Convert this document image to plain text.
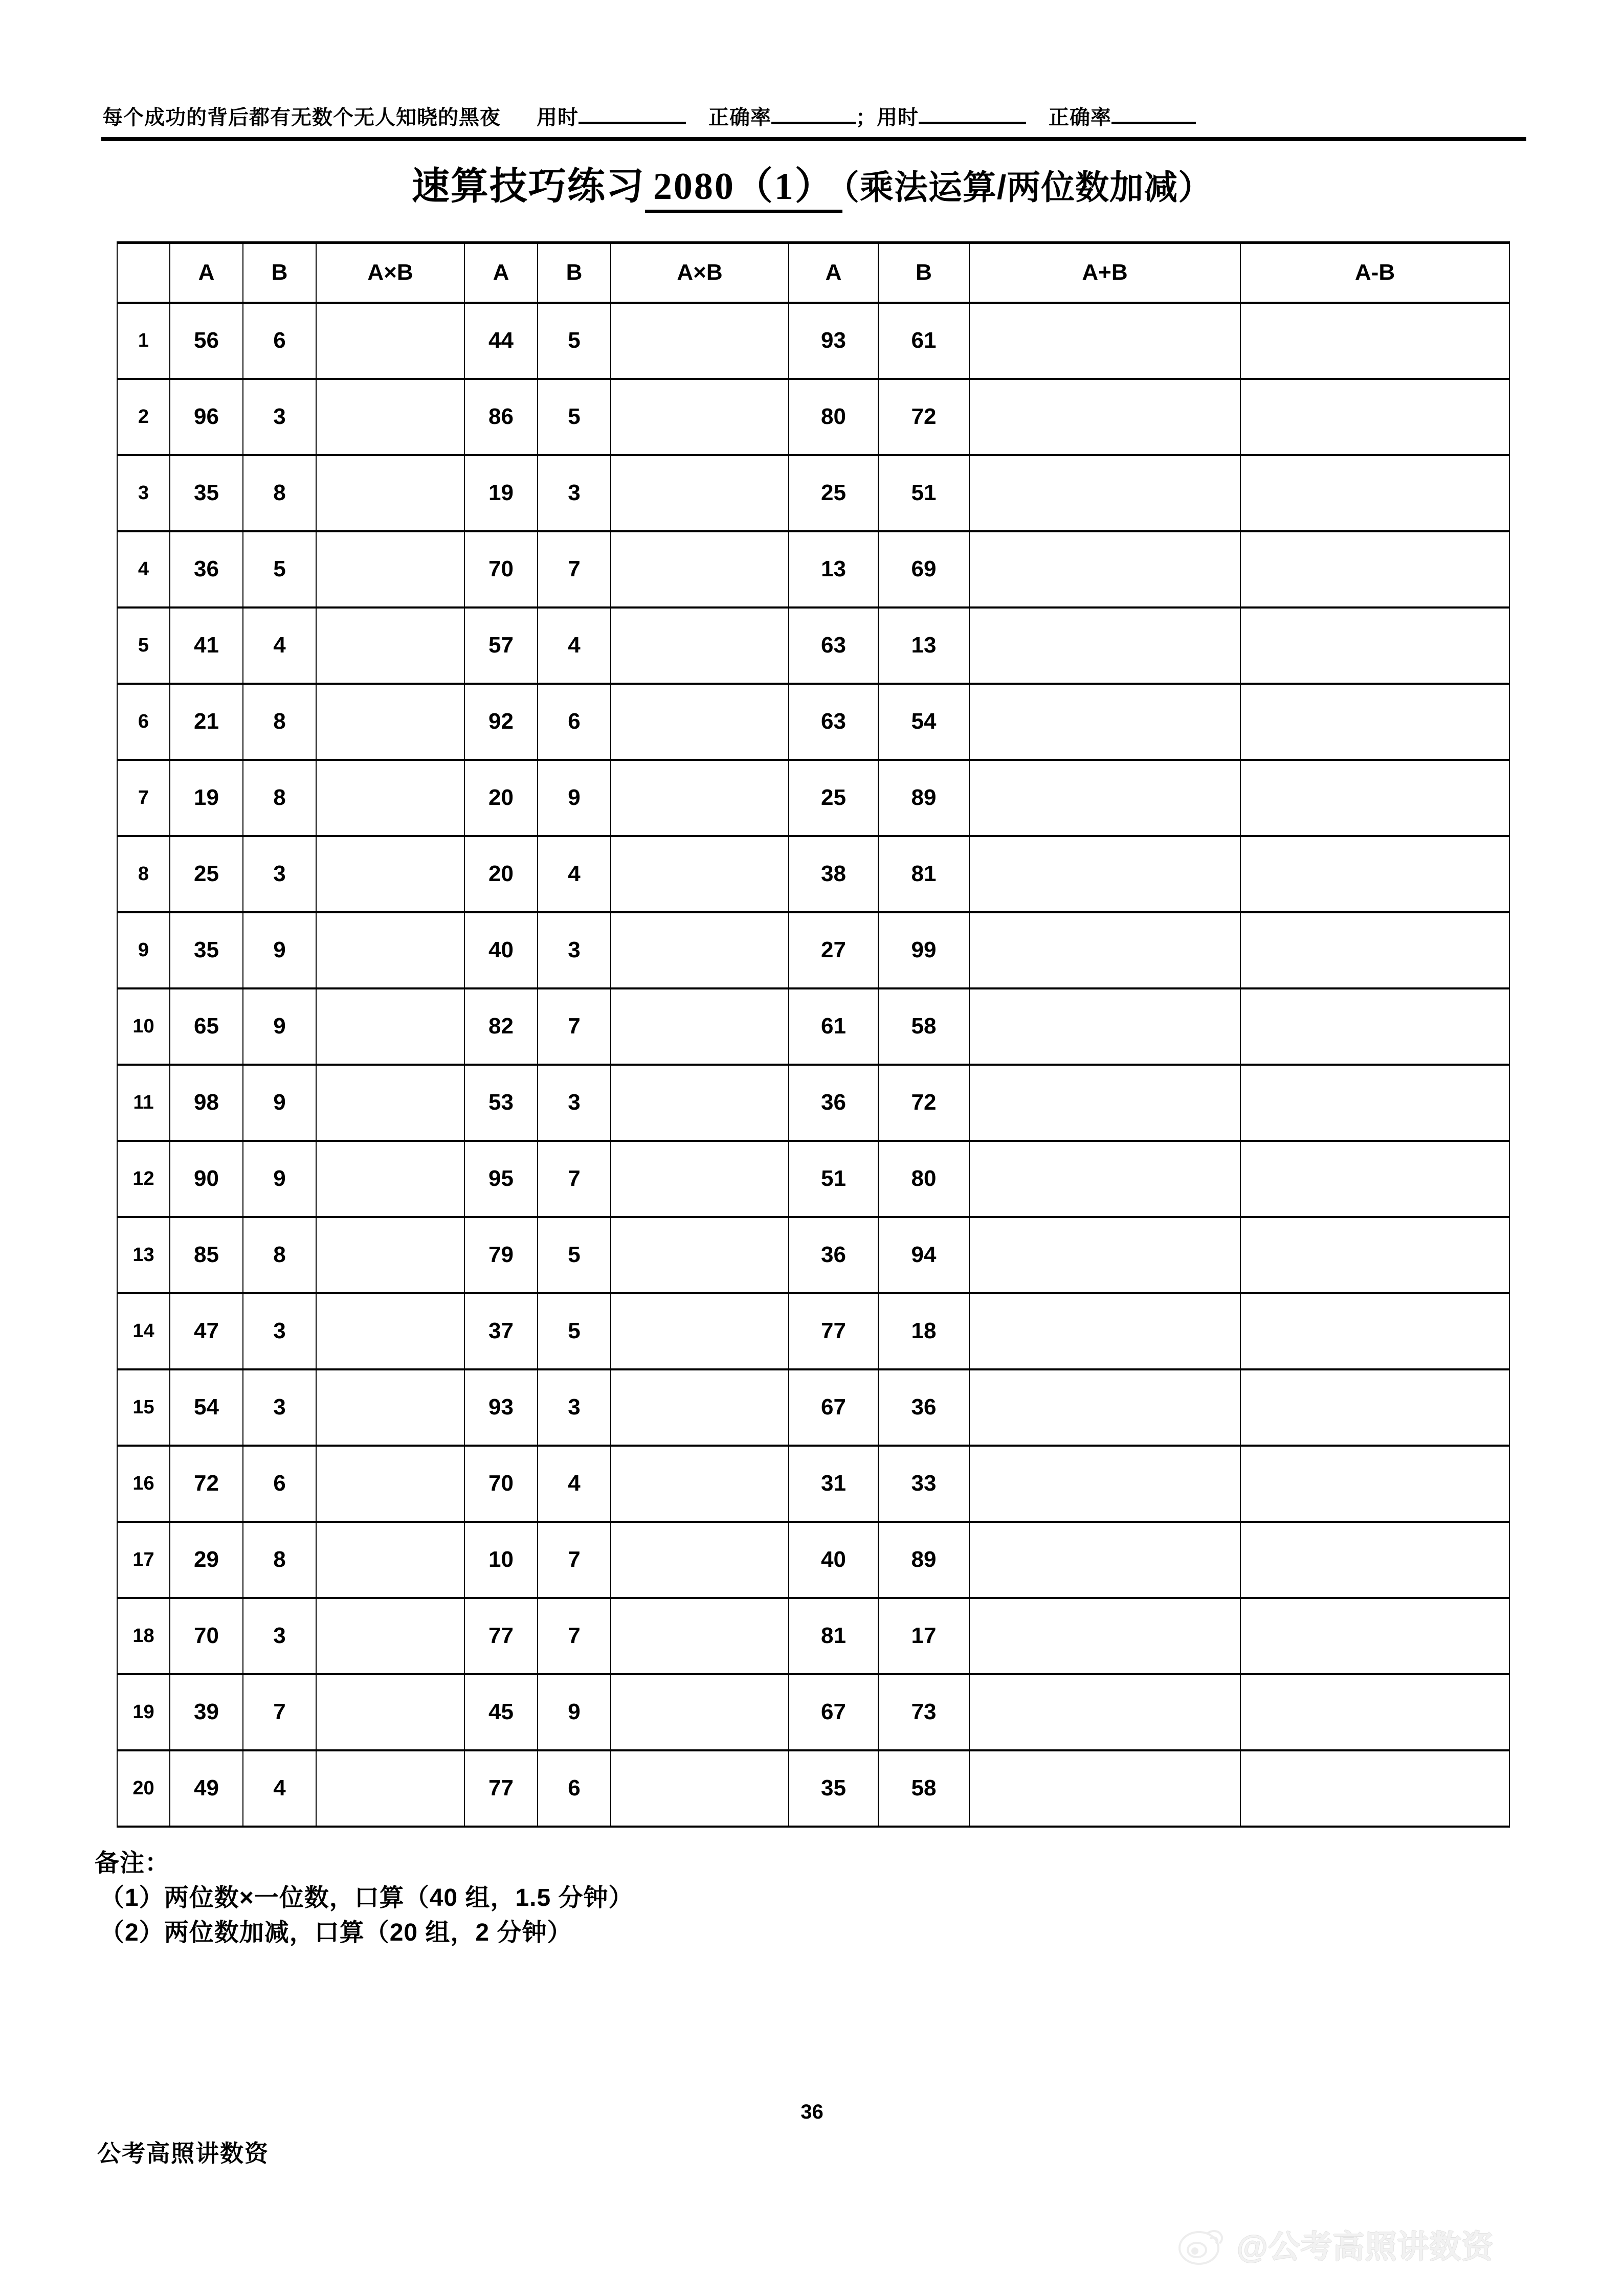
每个成功的背后都有无数个无人知晓的黑夜 用时	正确率	； 用时	正确率
速算技巧练习 2080（1） （乘法运算/两位数加减）
	A	B	A×B	A	B	A×B	A	B	A+B	A-B
1	56	6		44	5		93	61		
2	96	3		86	5		80	72		
3	35	8		19	3		25	51		
4	36	5		70	7		13	69		
5	41	4		57	4		63	13		
6	21	8		92	6		63	54		
7	19	8		20	9		25	89		
8	25	3		20	4		38	81		
9	35	9		40	3		27	99		
10	65	9		82	7		61	58		
11	98	9		53	3		36	72		
12	90	9		95	7		51	80		
13	85	8		79	5		36	94		
14	47	3		37	5		77	18		
15	54	3		93	3		67	36		
16	72	6		70	4		31	33		
17	29	8		10	7		40	89		
18	70	3		77	7		81	17		
19	39	7		45	9		67	73		
20	49	4		77	6		35	58		
备注：
（1）两位数×一位数，口算（40 组，1.5 分钟）
（2）两位数加减，口算（20 组，2 分钟）
36
公考高照讲数资
@公考高照讲数资
